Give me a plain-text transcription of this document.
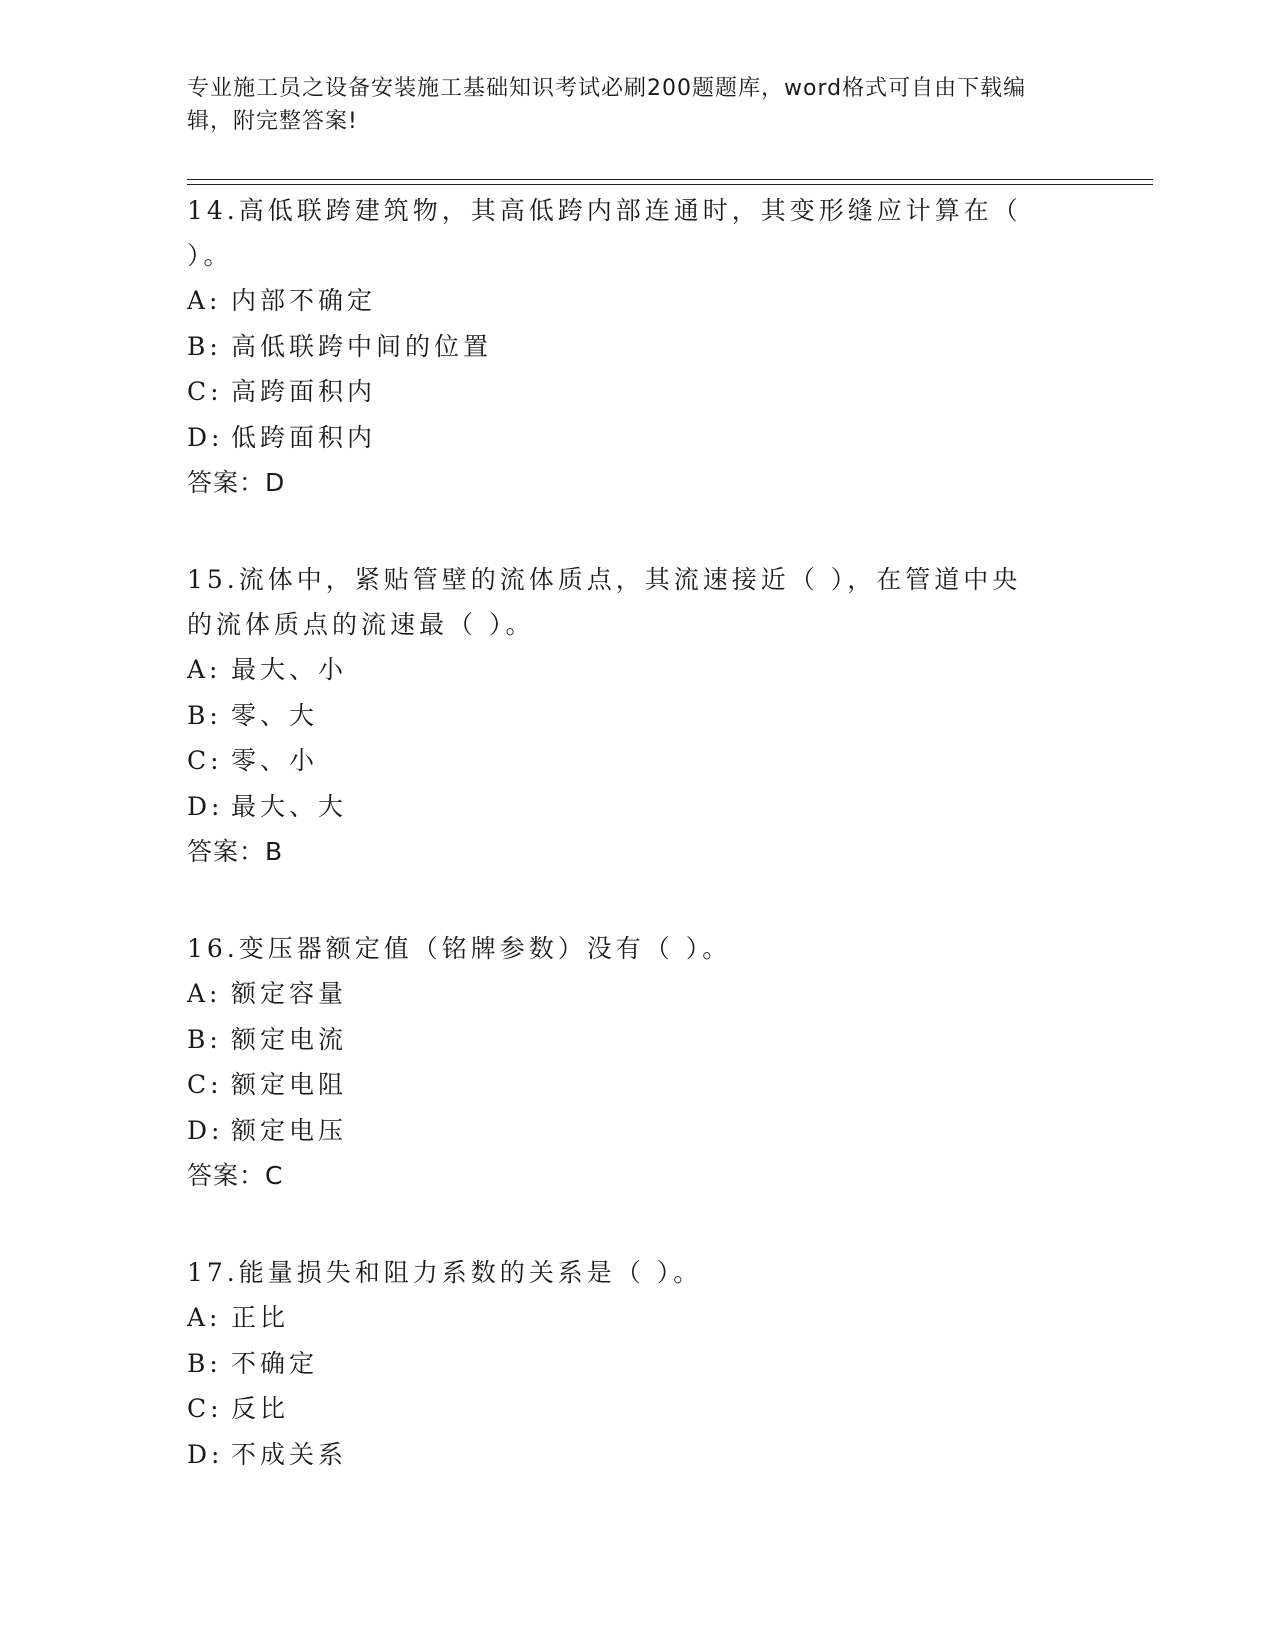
专业施工员之设备安装施工基础知识考试必刷200题题库，word格式可自由下载编辑，附完整答案!
14.高低联跨建筑物，其高低跨内部连通时，其变形缝应计算在（ ）。
A: 内部不确定
B: 高低联跨中间的位置
C: 高跨面积内
D: 低跨面积内
答案：D
15.流体中，紧贴管壁的流体质点，其流速接近（ ），在管道中央的流体质点的流速最（ ）。
A: 最大、小
B: 零、大
C: 零、小
D: 最大、大
答案：B
16.变压器额定值（铭牌参数）没有（ ）。
A: 额定容量
B: 额定电流
C: 额定电阻
D: 额定电压
答案：C
17.能量损失和阻力系数的关系是（ ）。
A: 正比
B: 不确定
C: 反比
D: 不成关系
